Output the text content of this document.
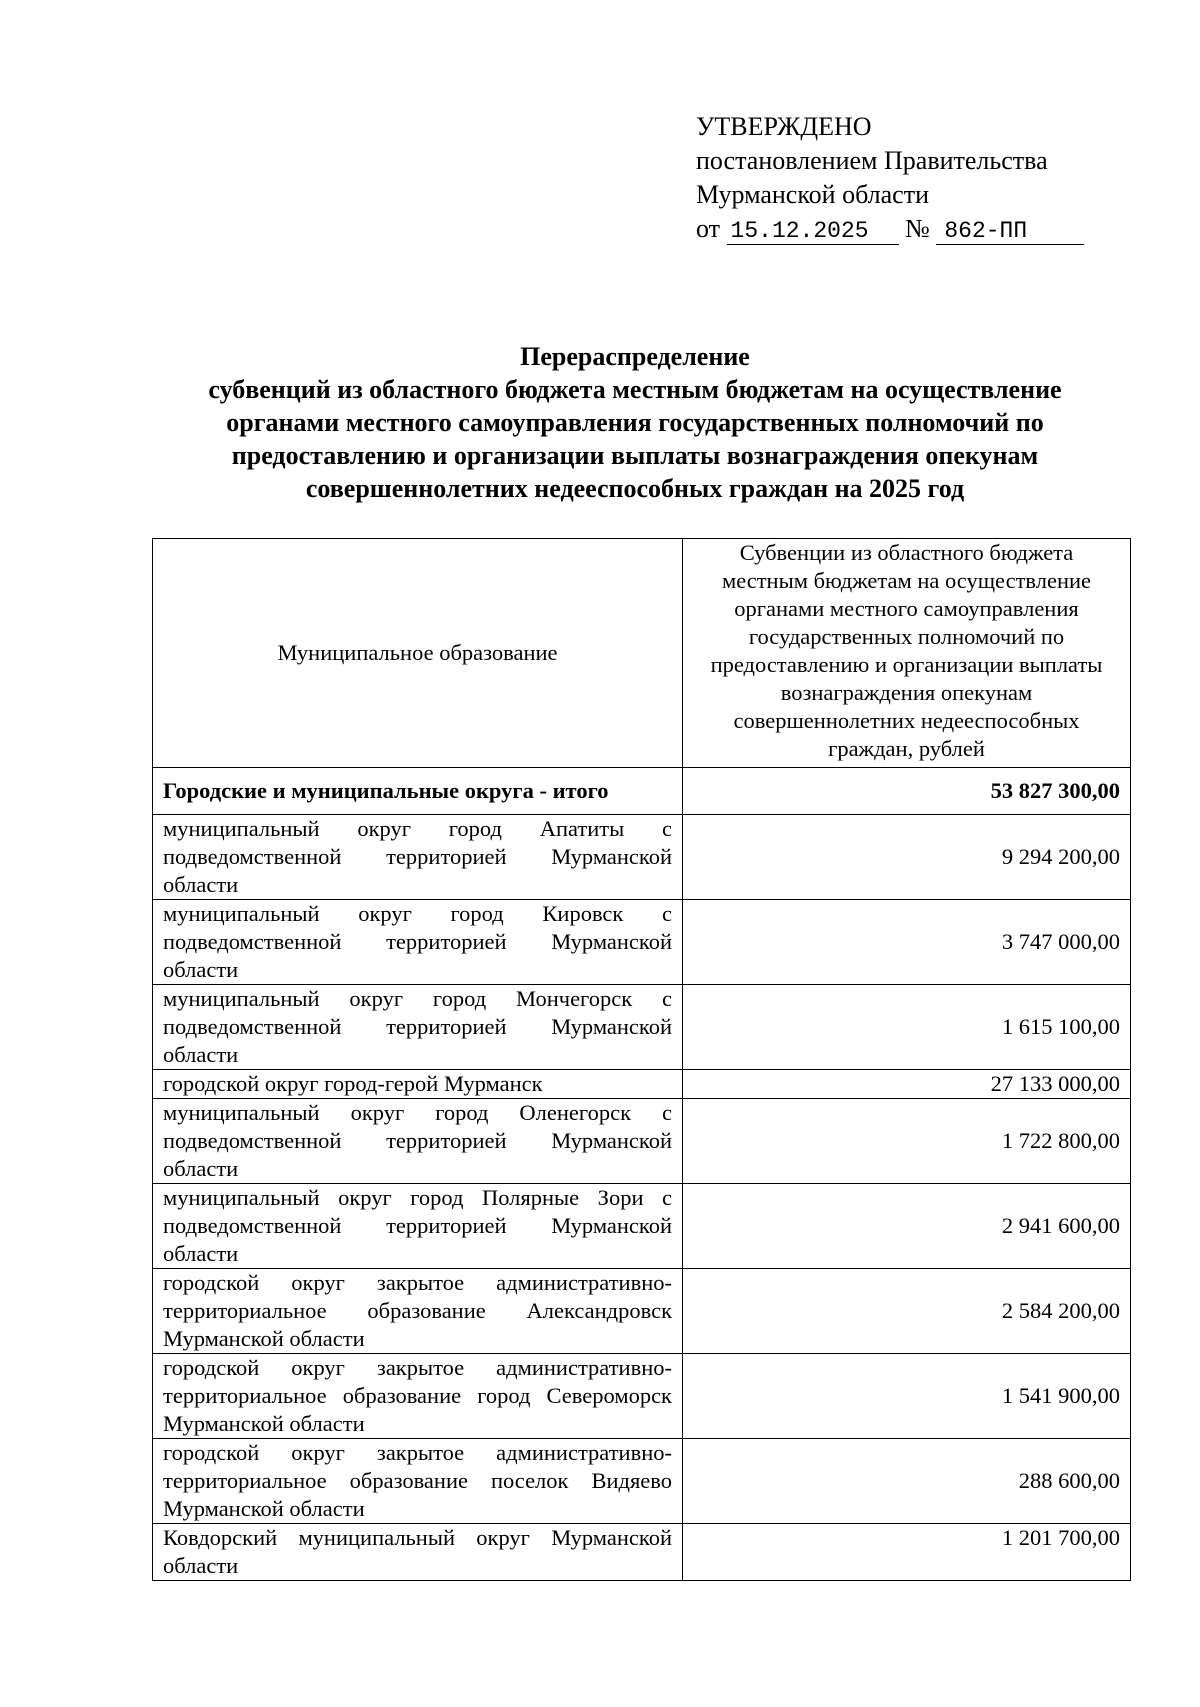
УТВЕРЖДЕНО
постановлением Правительства
Мурманской области
от 15.12.2025 № 862-ПП
Перераспределение
субвенций из областного бюджета местным бюджетам на осуществление
органами местного самоуправления государственных полномочий по
предоставлению и организации выплаты вознаграждения опекунам
совершеннолетних недееспособных граждан на 2025 год
Муниципальное образование	Субвенции из областного бюджета местным бюджетам на осуществление органами местного самоуправления государственных полномочий по предоставлению и организации выплаты вознаграждения опекунам совершеннолетних недееспособных граждан, рублей
Городские и муниципальные округа - итого	53 827 300,00
муниципальный округ город Апатиты с подведомственной территорией Мурманской области	9 294 200,00
муниципальный округ город Кировск с подведомственной территорией Мурманской области	3 747 000,00
муниципальный округ город Мончегорск с подведомственной территорией Мурманской области	1 615 100,00
городской округ город-герой Мурманск	27 133 000,00
муниципальный округ город Оленегорск с подведомственной территорией Мурманской области	1 722 800,00
муниципальный округ город Полярные Зори с подведомственной территорией Мурманской области	2 941 600,00
городской округ закрытое административно-территориальное образование Александровск Мурманской области	2 584 200,00
городской округ закрытое административно-территориальное образование город Североморск Мурманской области	1 541 900,00
городской округ закрытое административно-территориальное образование поселок Видяево Мурманской области	288 600,00
Ковдорский муниципальный округ Мурманской области	1 201 700,00
